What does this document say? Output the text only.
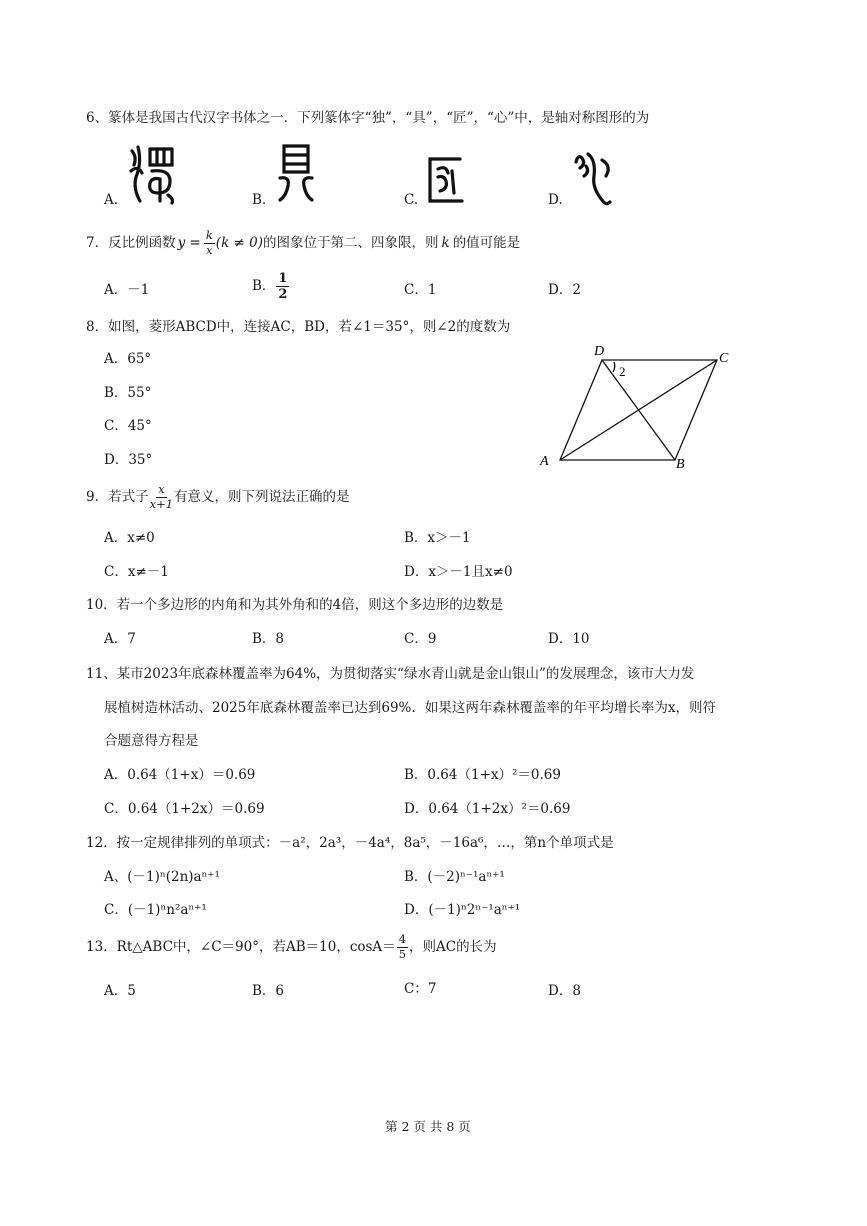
6、篆体是我国古代汉字书体之一．下列篆体字“独”，“具”，“匠”，“心”中，是轴对称图形的为
A.	B.	C.	D.
7． 反比例函数 $y = \frac{k}{x} (k \ne 0)$ 的图象位于第二、四象限，则 k 的值可能是
A．－1	B． $\frac{1}{2}$	C．1	D．2
8．如图，菱形ABCD中，连接AC，BD，若∠1＝35°，则∠2的度数为
A．65°
B．55°
C．45°
D．35°	A	B
C
D
2
9．若式子 $\frac{x}{x+1}$ 有意义，则下列说法正确的是
A．x≠0	B．x＞－1
C．x≠－1	D．x＞－1且x≠0
10．若一个多边形的内角和为其外角和的4倍，则这个多边形的边数是
A．7	B．8	C．9	D．10
11、某市2023年底森林覆盖率为64%，为贯彻落实“绿水青山就是金山银山”的发展理念，该市大力发
展植树造林活动、2025年底森林覆盖率已达到69%．如果这两年森林覆盖率的年平均增长率为x，则符
合题意得方程是
A．0.64（1+x）＝0.69	B．0.64（1+x）²＝0.69
C．0.64（1+2x）＝0.69	D．0.64（1+2x）²＝0.69
12．按一定规律排列的单项式：－a²，2a³，－4a⁴，8a⁵，－16a⁶，…，第n个单项式是
A、(－1)ⁿ(2n)aⁿ⁺¹	B．(－2)ⁿ⁻¹aⁿ⁺¹
C．(－1)ⁿn²aⁿ⁺¹	D．(－1)ⁿ2ⁿ⁻¹aⁿ⁺¹
13．Rt△ABC中，∠C＝90°，若AB＝10，$\cos A= \frac{4}{5}$ ，则AC的长为
A．5	B．6	C：7	D．8
第 2 页 共 8 页
